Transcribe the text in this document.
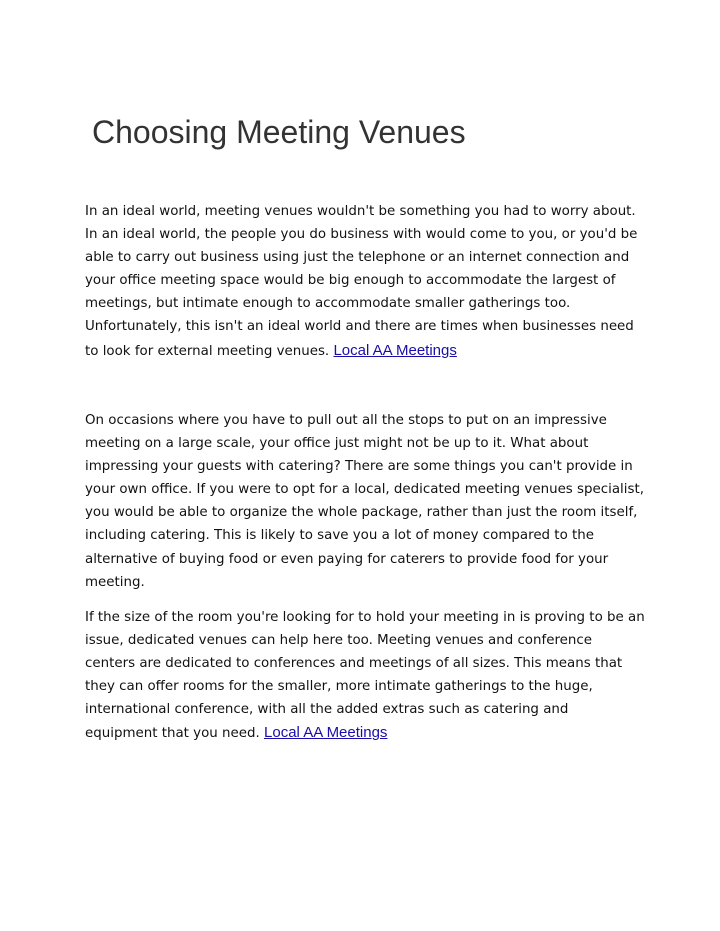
Choosing Meeting Venues

In an ideal world, meeting venues wouldn't be something you had to worry about. In an ideal world, the people you do business with would come to you, or you'd be able to carry out business using just the telephone or an internet connection and your office meeting space would be big enough to accommodate the largest of meetings, but intimate enough to accommodate smaller gatherings too. Unfortunately, this isn't an ideal world and there are times when businesses need to look for external meeting venues. Local AA Meetings

On occasions where you have to pull out all the stops to put on an impressive meeting on a large scale, your office just might not be up to it. What about impressing your guests with catering? There are some things you can't provide in your own office. If you were to opt for a local, dedicated meeting venues specialist, you would be able to organize the whole package, rather than just the room itself, including catering. This is likely to save you a lot of money compared to the alternative of buying food or even paying for caterers to provide food for your meeting.

If the size of the room you're looking for to hold your meeting in is proving to be an issue, dedicated venues can help here too. Meeting venues and conference centers are dedicated to conferences and meetings of all sizes. This means that they can offer rooms for the smaller, more intimate gatherings to the huge, international conference, with all the added extras such as catering and equipment that you need. Local AA Meetings
